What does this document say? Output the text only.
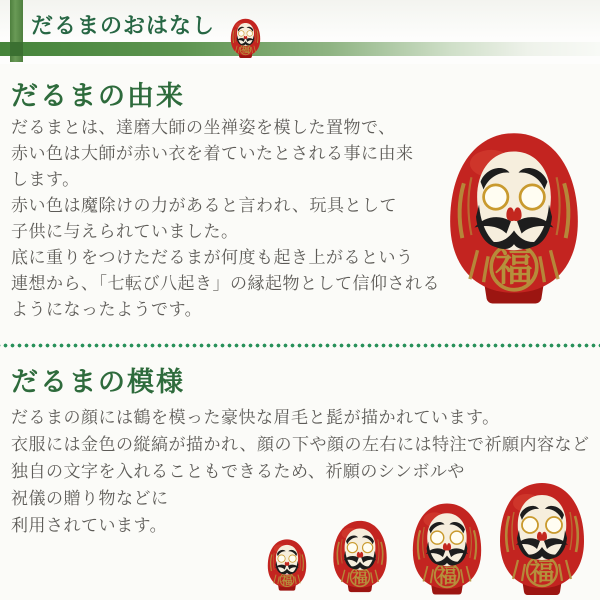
だるまのおはなし
だるまの由来
だるまとは、達磨大師の坐禅姿を模した置物で、
赤い色は大師が赤い衣を着ていたとされる事に由来
します。
赤い色は魔除けの力があると言われ、玩具として
子供に与えられていました。
底に重りをつけただるまが何度も起き上がるという
連想から、「七転び八起き」の縁起物として信仰される
ようになったようです。
だるまの模様
だるまの顔には鶴を模った豪快な眉毛と髭が描かれています。
衣服には金色の縦縞が描かれ、顔の下や顔の左右には特注で祈願内容など
独自の文字を入れることもできるため、祈願のシンボルや
祝儀の贈り物などに
利用されています。
